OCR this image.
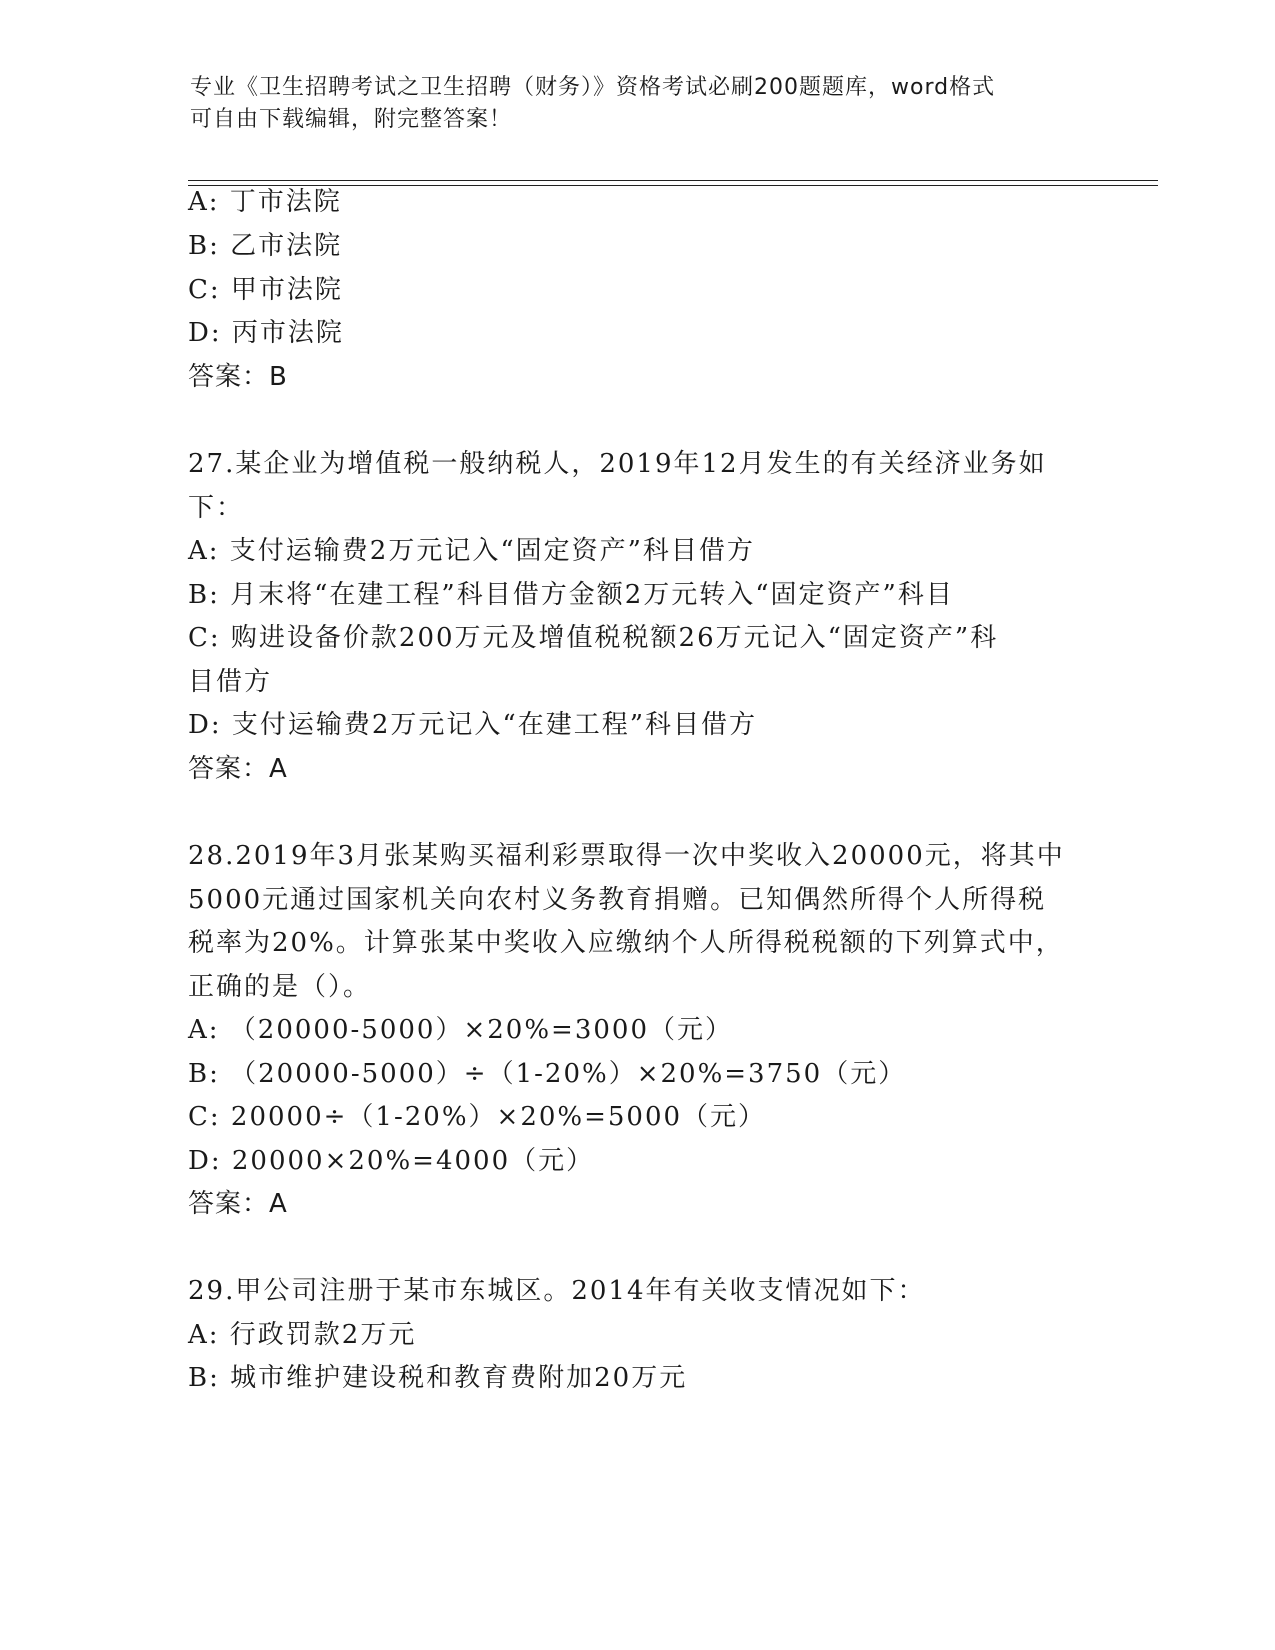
专业《卫生招聘考试之卫生招聘（财务）》资格考试必刷200题题库，word格式
可自由下载编辑，附完整答案！
A: 丁市法院
B: 乙市法院
C: 甲市法院
D: 丙市法院
答案：B
27.某企业为增值税一般纳税人，2019年12月发生的有关经济业务如
下：
A: 支付运输费2万元记入“固定资产”科目借方
B: 月末将“在建工程”科目借方金额2万元转入“固定资产”科目
C: 购进设备价款200万元及增值税税额26万元记入“固定资产”科
目借方
D: 支付运输费2万元记入“在建工程”科目借方
答案：A
28.2019年3月张某购买福利彩票取得一次中奖收入20000元，将其中
5000元通过国家机关向农村义务教育捐赠。已知偶然所得个人所得税
税率为20%。计算张某中奖收入应缴纳个人所得税税额的下列算式中，
正确的是（）。
A: （20000-5000）×20%=3000（元）
B: （20000-5000）÷（1-20%）×20%=3750（元）
C: 20000÷（1-20%）×20%=5000（元）
D: 20000×20%=4000（元）
答案：A
29.甲公司注册于某市东城区。2014年有关收支情况如下：
A: 行政罚款2万元
B: 城市维护建设税和教育费附加20万元
